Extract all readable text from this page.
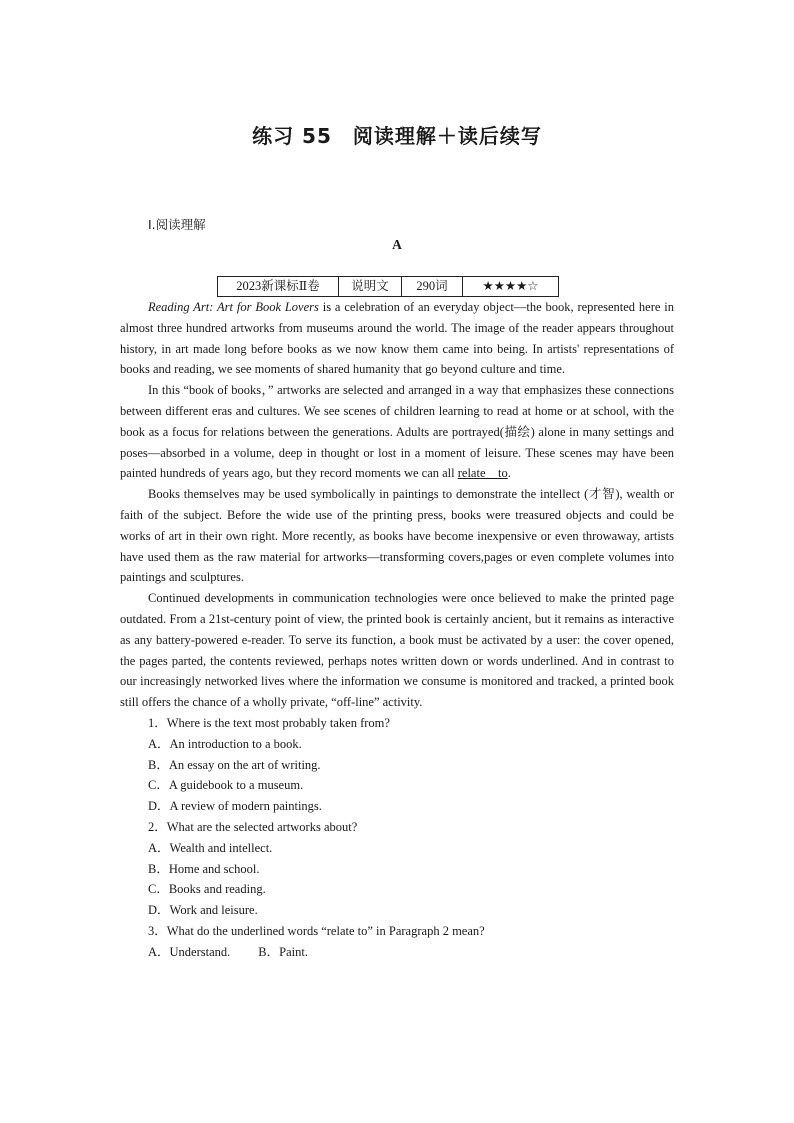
练习 55　阅读理解＋读后续写
Ⅰ.阅读理解
A
2023新课标Ⅱ卷	说明文	290词	★★★★☆

Reading Art: Art for Book Lovers is a celebration of an everyday object—the book, represented here in almost three hundred artworks from museums around the world. The image of the reader appears throughout history, in art made long before books as we now know them came into being. In artists' representations of books and reading, we see moments of shared humanity that go beyond culture and time.

In this “book of books，” artworks are selected and arranged in a way that emphasizes these connections between different eras and cultures. We see scenes of children learning to read at home or at school, with the book as a focus for relations between the generations. Adults are portrayed(描绘) alone in many settings and poses—absorbed in a volume, deep in thought or lost in a moment of leisure. These scenes may have been painted hundreds of years ago, but they record moments we can all relate　to.

Books themselves may be used symbolically in paintings to demonstrate the intellect (才智), wealth or faith of the subject. Before the wide use of the printing press, books were treasured objects and could be works of art in their own right. More recently, as books have become inexpensive or even throwaway, artists have used them as the raw material for artworks—transforming covers,pages or even complete volumes into paintings and sculptures.

Continued developments in communication technologies were once believed to make the printed page outdated. From a 21st-century point of view, the printed book is certainly ancient, but it remains as interactive as any battery-powered e-reader. To serve its function, a book must be activated by a user: the cover opened, the pages parted, the contents reviewed, perhaps notes written down or words underlined. And in contrast to our increasingly networked lives where the information we consume is monitored and tracked, a printed book still offers the chance of a wholly private, “off-line” activity.

1．Where is the text most probably taken from?

A．An introduction to a book.

B．An essay on the art of writing.

C．A guidebook to a museum.

D．A review of modern paintings.

2．What are the selected artworks about?

A．Wealth and intellect.

B．Home and school.

C．Books and reading.

D．Work and leisure.

3．What do the underlined words “relate to” in Paragraph 2 mean?

A．Understand. B．Paint.
